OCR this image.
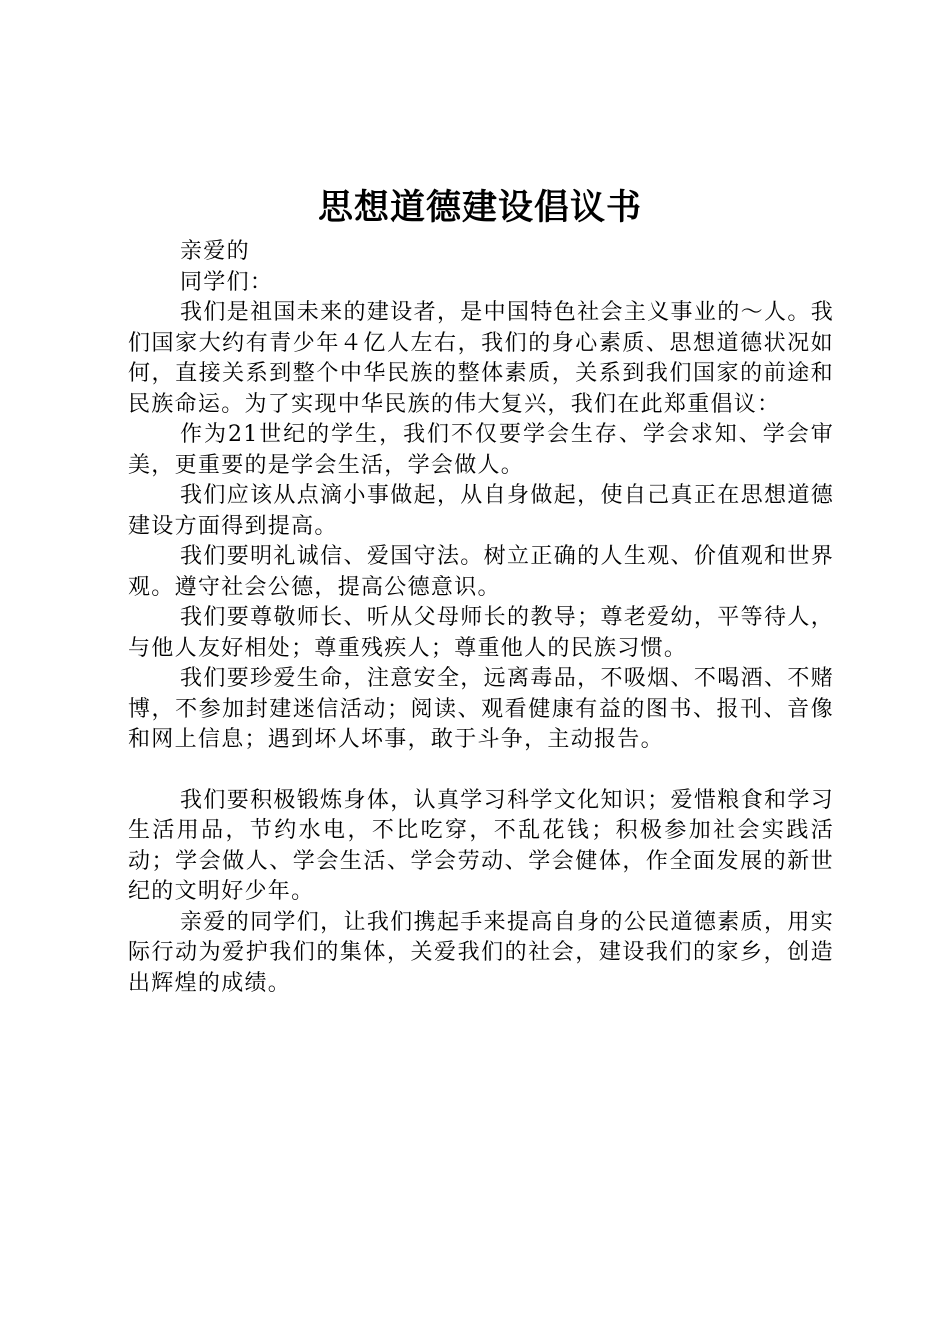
思想道德建设倡议书

亲爱的

同学们：

我们是祖国未来的建设者，是中国特色社会主义事业的～人。我们国家大约有青少年４亿人左右，我们的身心素质、思想道德状况如何，直接关系到整个中华民族的整体素质，关系到我们国家的前途和民族命运。为了实现中华民族的伟大复兴，我们在此郑重倡议：

作为21世纪的学生，我们不仅要学会生存、学会求知、学会审美，更重要的是学会生活，学会做人。

我们应该从点滴小事做起，从自身做起，使自己真正在思想道德建设方面得到提高。

我们要明礼诚信、爱国守法。树立正确的人生观、价值观和世界观。遵守社会公德，提高公德意识。

我们要尊敬师长、听从父母师长的教导；尊老爱幼，平等待人，与他人友好相处；尊重残疾人；尊重他人的民族习惯。

我们要珍爱生命，注意安全，远离毒品，不吸烟、不喝酒、不赌博，不参加封建迷信活动；阅读、观看健康有益的图书、报刊、音像和网上信息；遇到坏人坏事，敢于斗争，主动报告。

我们要积极锻炼身体，认真学习科学文化知识；爱惜粮食和学习生活用品，节约水电，不比吃穿，不乱花钱；积极参加社会实践活动；学会做人、学会生活、学会劳动、学会健体，作全面发展的新世纪的文明好少年。

亲爱的同学们，让我们携起手来提高自身的公民道德素质，用实际行动为爱护我们的集体，关爱我们的社会，建设我们的家乡，创造出辉煌的成绩。
